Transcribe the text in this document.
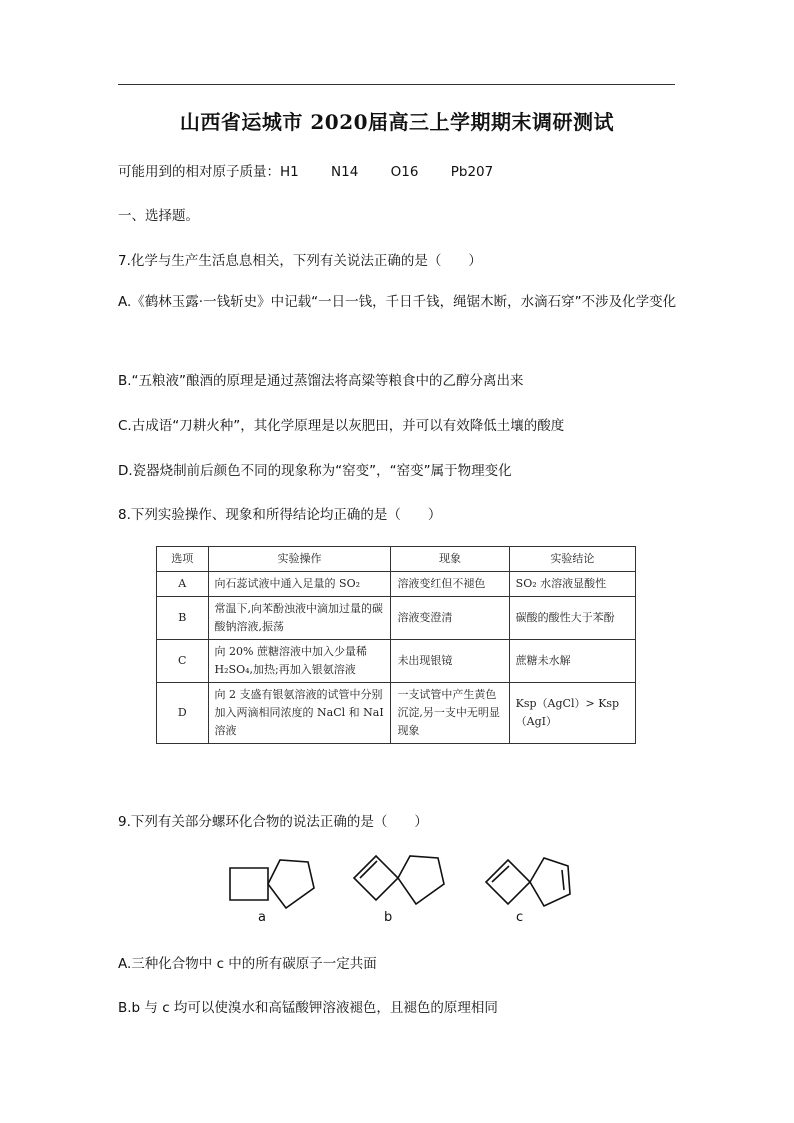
山西省运城市 2020届高三上学期期末调研测试
可能用到的相对原子质量：H1 N14 O16 Pb207
一、选择题。
7.化学与生产生活息息相关，下列有关说法正确的是（　　）
A.《鹤林玉露·一钱斩史》中记载“一日一钱，千日千钱，绳锯木断，水滴石穿”不涉及化学变化
B.“五粮液”酿酒的原理是通过蒸馏法将高粱等粮食中的乙醇分离出来
C.古成语“刀耕火种”，其化学原理是以灰肥田，并可以有效降低土壤的酸度
D.瓷器烧制前后颜色不同的现象称为“窑变”，“窑变”属于物理变化
8.下列实验操作、现象和所得结论均正确的是（　　）
选项	实验操作	现象	实验结论
A	向石蕊试液中通入足量的 SO₂	溶液变红但不褪色	SO₂ 水溶液显酸性
B	常温下,向苯酚浊液中滴加过量的碳酸钠溶液,振荡	溶液变澄清	碳酸的酸性大于苯酚
C	向 20% 蔗糖溶液中加入少量稀 H₂SO₄,加热;再加入银氨溶液	未出现银镜	蔗糖未水解
D	向 2 支盛有银氨溶液的试管中分别加入两滴相同浓度的 NaCl 和 NaI 溶液	一支试管中产生黄色沉淀,另一支中无明显现象	Ksp（AgCl）> Ksp（AgI）
9.下列有关部分螺环化合物的说法正确的是（　　）
a	b	c
A.三种化合物中 c 中的所有碳原子一定共面
B.b 与 c 均可以使溴水和高锰酸钾溶液褪色，且褪色的原理相同
